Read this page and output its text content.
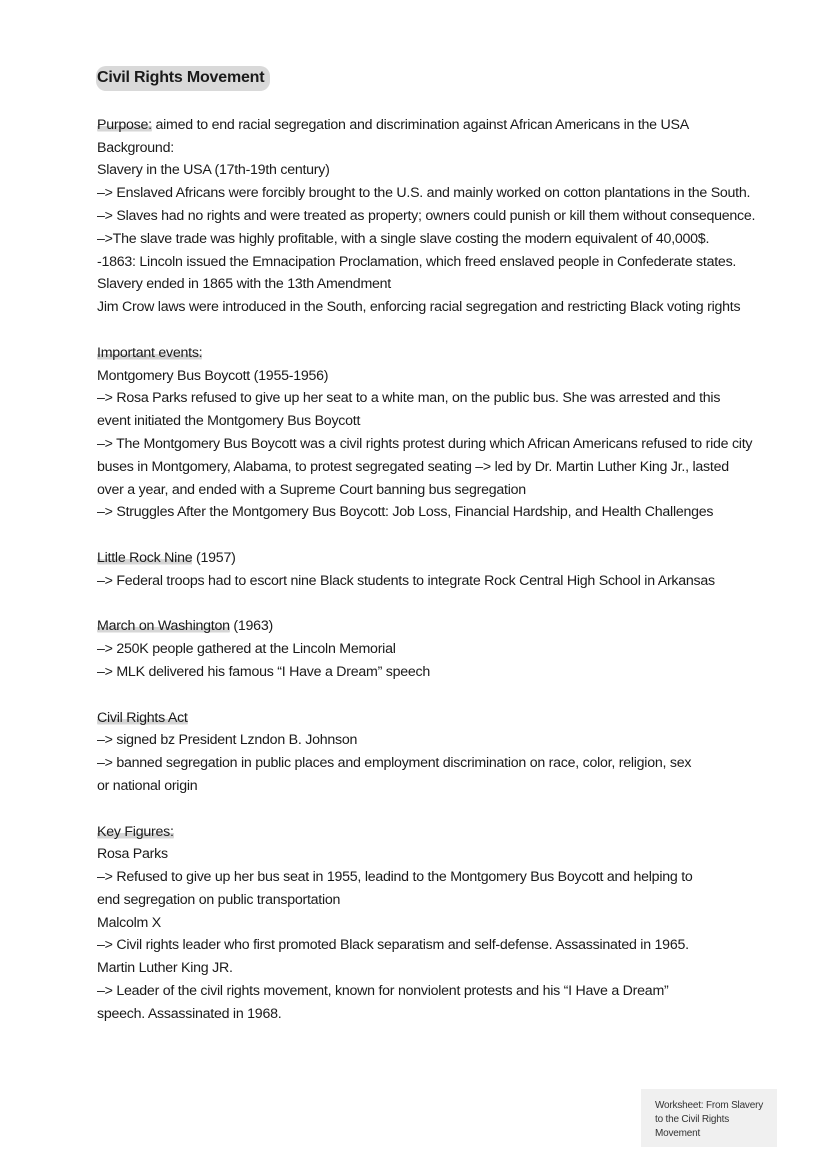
Civil Rights Movement
Purpose: aimed to end racial segregation and discrimination against African Americans in the USA
Background:
Slavery in the USA (17th-19th century)
–> Enslaved Africans were forcibly brought to the U.S. and mainly worked on cotton plantations in the South.
–> Slaves had no rights and were treated as property; owners could punish or kill them without consequence.
–>The slave trade was highly profitable, with a single slave costing the modern equivalent of 40,000$.
-1863: Lincoln issued the Emnacipation Proclamation, which freed enslaved people in Confederate states.
Slavery ended in 1865 with the 13th Amendment
Jim Crow laws were introduced in the South, enforcing racial segregation and restricting Black voting rights
Important events:
Montgomery Bus Boycott (1955-1956)
–> Rosa Parks refused to give up her seat to a white man, on the public bus. She was arrested and this event initiated the Montgomery Bus Boycott
–> The Montgomery Bus Boycott was a civil rights protest during which African Americans refused to ride city buses in Montgomery, Alabama, to protest segregated seating –> led by Dr. Martin Luther King Jr., lasted over a year, and ended with a Supreme Court banning bus segregation
–> Struggles After the Montgomery Bus Boycott: Job Loss, Financial Hardship, and Health Challenges
Little Rock Nine (1957)
–> Federal troops had to escort nine Black students to integrate Rock Central High School in Arkansas
March on Washington (1963)
–> 250K people gathered at the Lincoln Memorial
–> MLK delivered his famous “I Have a Dream” speech
Civil Rights Act
–> signed bz President Lzndon B. Johnson
–> banned segregation in public places and employment discrimination on race, color, religion, sex or national origin
Key Figures:
Rosa Parks
–> Refused to give up her bus seat in 1955, leadind to the Montgomery Bus Boycott and helping to end segregation on public transportation
Malcolm X
–> Civil rights leader who first promoted Black separatism and self-defense. Assassinated in 1965.
Martin Luther King JR.
–> Leader of the civil rights movement, known for nonviolent protests and his “I Have a Dream” speech. Assassinated in 1968.
Worksheet: From Slavery to the Civil Rights Movement
